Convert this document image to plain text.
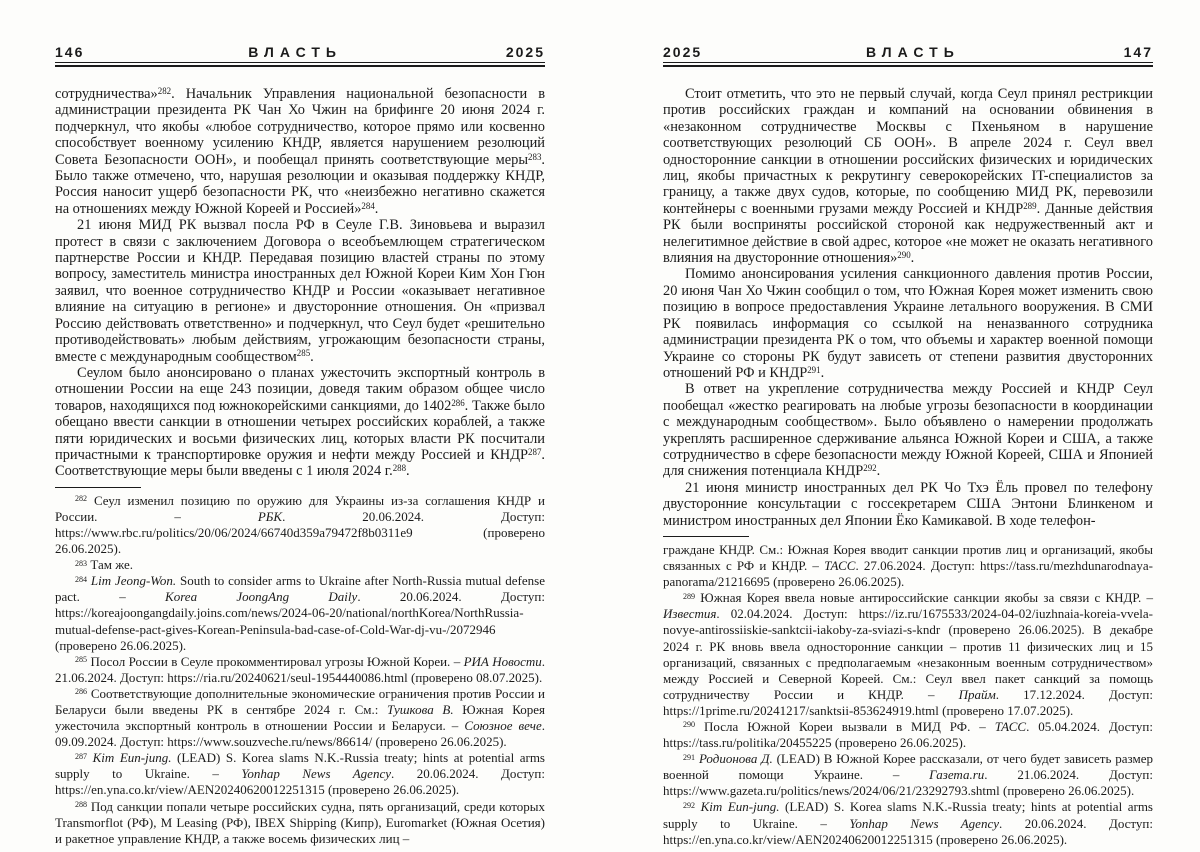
146	ВЛАСТЬ	2025

сотрудничества»$^{282}$. Начальник Управления национальной безопасности в администрации президента РК Чан Хо Чжин на брифинге 20 июня 2024 г. подчеркнул, что якобы «любое сотрудничество, которое прямо или косвенно способствует военному усилению КНДР, является нарушением резолюций Совета Безопасности ООН», и пообещал принять соответствующие меры$^{283}$. Было также отмечено, что, нарушая резолюции и оказывая поддержку КНДР, Россия наносит ущерб безопасности РК, что «неизбежно негативно скажется на отношениях между Южной Кореей и Россией»$^{284}$.

21 июня МИД РК вызвал посла РФ в Сеуле Г.В. Зиновьева и выразил протест в связи с заключением Договора о всеобъемлющем стратегическом партнерстве России и КНДР. Передавая позицию властей страны по этому вопросу, заместитель министра иностранных дел Южной Кореи Ким Хон Гюн заявил, что военное сотрудничество КНДР и России «оказывает негативное влияние на ситуацию в регионе» и двусторонние отношения. Он «призвал Россию действовать ответственно» и подчеркнул, что Сеул будет «решительно противодействовать» любым действиям, угрожающим безопасности страны, вместе с международным сообществом$^{285}$.

Сеулом было анонсировано о планах ужесточить экспортный контроль в отношении России на еще 243 позиции, доведя таким образом общее число товаров, находящихся под южнокорейскими санкциями, до 1402$^{286}$. Также было обещано ввести санкции в отношении четырех российских кораблей, а также пяти юридических и восьми физических лиц, которых власти РК посчитали причастными к транспортировке оружия и нефти между Россией и КНДР$^{287}$. Соответствующие меры были введены с 1 июля 2024 г.$^{288}$.

$^{282}$ Сеул изменил позицию по оружию для Украины из-за соглашения КНДР и России. – РБК. 20.06.2024. Доступ: https://www.rbc.ru/politics/20/06/2024/66740d359a79472f8b0311e9 (проверено 26.06.2025).

$^{283}$ Там же.

$^{284}$ Lim Jeong-Won. South to consider arms to Ukraine after North-Russia mutual defense pact. – Korea JoongAng Daily. 20.06.2024. Доступ: https://koreajoongangdaily.joins.com/news/2024-06-20/national/northKorea/NorthRussia-mutual-defense-pact-gives-Korean-Peninsula-bad-case-of-Cold-War-dj-vu-/2072946 (проверено 26.06.2025).

$^{285}$ Посол России в Сеуле прокомментировал угрозы Южной Кореи. – РИА Новости. 21.06.2024. Доступ: https://ria.ru/20240621/seul-1954440086.html (проверено 08.07.2025).

$^{286}$ Соответствующие дополнительные экономические ограничения против России и Беларуси были введены РК в сентябре 2024 г. См.: Тушкова В. Южная Корея ужесточила экспортный контроль в отношении России и Беларуси. – Союзное вече. 09.09.2024. Доступ: https://www.souzveche.ru/news/86614/ (проверено 26.06.2025).

$^{287}$ Kim Eun-jung. (LEAD) S. Korea slams N.K.-Russia treaty; hints at potential arms supply to Ukraine. – Yonhap News Agency. 20.06.2024. Доступ: https://en.yna.co.kr/view/AEN20240620012251315 (проверено 26.06.2025).

$^{288}$ Под санкции попали четыре российских судна, пять организаций, среди которых Transmorflot (РФ), M Leasing (РФ), IBEX Shipping (Кипр), Euromarket (Южная Осетия) и ракетное управление КНДР, а также восемь физических лиц –

2025	ВЛАСТЬ	147

Стоит отметить, что это не первый случай, когда Сеул принял рестрикции против российских граждан и компаний на основании обвинения в «незаконном сотрудничестве Москвы с Пхеньяном в нарушение соответствующих резолюций СБ ООН». В апреле 2024 г. Сеул ввел односторонние санкции в отношении российских физических и юридических лиц, якобы причастных к рекрутингу северокорейских IT-специалистов за границу, а также двух судов, которые, по сообщению МИД РК, перевозили контейнеры с военными грузами между Россией и КНДР$^{289}$. Данные действия РК были восприняты российской стороной как недружественный акт и нелегитимное действие в свой адрес, которое «не может не оказать негативного влияния на двусторонние отношения»$^{290}$.

Помимо анонсирования усиления санкционного давления против России, 20 июня Чан Хо Чжин сообщил о том, что Южная Корея может изменить свою позицию в вопросе предоставления Украине летального вооружения. В СМИ РК появилась информация со ссылкой на неназванного сотрудника администрации президента РК о том, что объемы и характер военной помощи Украине со стороны РК будут зависеть от степени развития двусторонних отношений РФ и КНДР$^{291}$.

В ответ на укрепление сотрудничества между Россией и КНДР Сеул пообещал «жестко реагировать на любые угрозы безопасности в координации с международным сообществом». Было объявлено о намерении продолжать укреплять расширенное сдерживание альянса Южной Кореи и США, а также сотрудничество в сфере безопасности между Южной Кореей, США и Японией для снижения потенциала КНДР$^{292}$.

21 июня министр иностранных дел РК Чо Тхэ Ёль провел по телефону двусторонние консультации с госсекретарем США Энтони Блинкеном и министром иностранных дел Японии Ёко Камикавой. В ходе телефон-

граждане КНДР. См.: Южная Корея вводит санкции против лиц и организаций, якобы связанных с РФ и КНДР. – ТАСС. 27.06.2024. Доступ: https://tass.ru/mezhdunarodnaya-panorama/21216695 (проверено 26.06.2025).

$^{289}$ Южная Корея ввела новые антироссийские санкции якобы за связи с КНДР. – Известия. 02.04.2024. Доступ: https://iz.ru/1675533/2024-04-02/iuzhnaia-koreia-vvela-novye-antirossiiskie-sanktcii-iakoby-za-sviazi-s-kndr (проверено 26.06.2025). В декабре 2024 г. РК вновь ввела односторонние санкции – против 11 физических лиц и 15 организаций, связанных с предполагаемым «незаконным военным сотрудничеством» между Россией и Северной Кореей. См.: Сеул ввел пакет санкций за помощь сотрудничеству России и КНДР. – Прайм. 17.12.2024. Доступ: https://1prime.ru/20241217/sanktsii-853624919.html (проверено 17.07.2025).

$^{290}$ Посла Южной Кореи вызвали в МИД РФ. – ТАСС. 05.04.2024. Доступ: https://tass.ru/politika/20455225 (проверено 26.06.2025).

$^{291}$ Родионова Д. (LEAD) В Южной Корее рассказали, от чего будет зависеть размер военной помощи Украине. – Газета.ru. 21.06.2024. Доступ: https://www.gazeta.ru/politics/news/2024/06/21/23292793.shtml (проверено 26.06.2025).

$^{292}$ Kim Eun-jung. (LEAD) S. Korea slams N.K.-Russia treaty; hints at potential arms supply to Ukraine. – Yonhap News Agency. 20.06.2024. Доступ: https://en.yna.co.kr/view/AEN20240620012251315 (проверено 26.06.2025).
